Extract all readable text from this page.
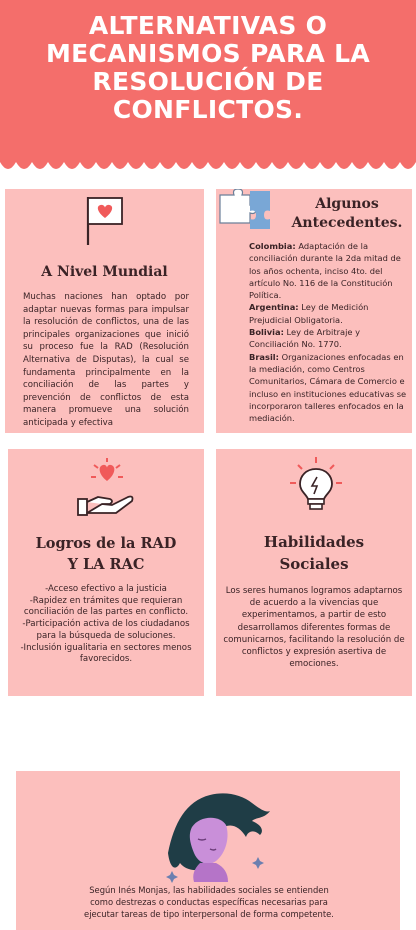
ALTERNATIVAS O MECANISMOS PARA LA RESOLUCIÓN DE CONFLICTOS.
A Nivel Mundial
Muchas naciones han optado por adaptar nuevas formas para impulsar la resolución de conflictos, una de las principales organizaciones que inició su proceso fue la RAD (Resolución Alternativa de Disputas), la cual se fundamenta principalmente en la conciliación de las partes y prevención de conflictos de esta manera promueve una solución anticipada y efectiva
Algunos
Antecedentes.
Colombia: Adaptación de la conciliación durante la 2da mitad de los años ochenta, inciso 4to. del artículo No. 116 de la Constitución Política.
Argentina: Ley de Medición Prejudicial Obligatoria.
Bolivia: Ley de Arbitraje y Conciliación No. 1770.
Brasil: Organizaciones enfocadas en la mediación, como Centros Comunitarios, Cámara de Comercio e incluso en instituciones educativas se incorporaron talleres enfocados en la mediación.
Logros de la RAD
Y LA RAC
-Acceso efectivo a la justicia
-Rapidez en trámites que requieran conciliación de las partes en conflicto.
-Participación activa de los ciudadanos para la búsqueda de soluciones.
-Inclusión igualitaria en sectores menos favorecidos.
Habilidades
Sociales
Los seres humanos logramos adaptarnos de acuerdo a la vivencias que experimentamos, a partir de esto desarrollamos diferentes formas de comunicarnos, facilitando la resolución de conflictos y expresión asertiva de emociones.
Según Inés Monjas, las habilidades sociales se entienden como destrezas o conductas específicas necesarias para ejecutar tareas de tipo interpersonal de forma competente.
